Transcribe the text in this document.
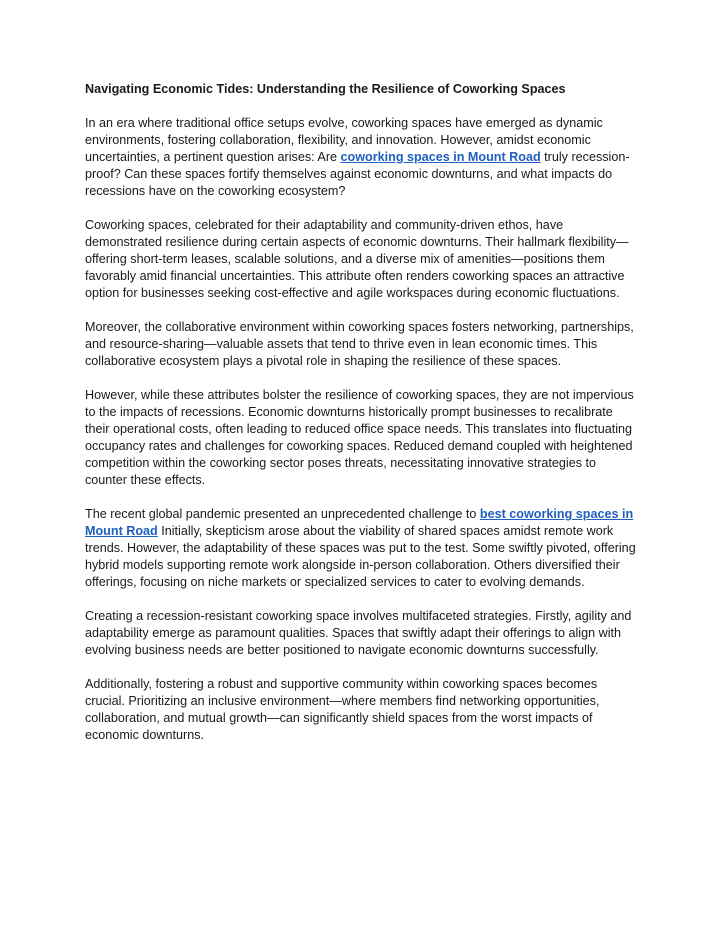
Navigating Economic Tides: Understanding the Resilience of Coworking Spaces

In an era where traditional office setups evolve, coworking spaces have emerged as dynamic environments, fostering collaboration, flexibility, and innovation. However, amidst economic uncertainties, a pertinent question arises: Are coworking spaces in Mount Road truly recession-proof? Can these spaces fortify themselves against economic downturns, and what impacts do recessions have on the coworking ecosystem?

Coworking spaces, celebrated for their adaptability and community-driven ethos, have demonstrated resilience during certain aspects of economic downturns. Their hallmark flexibility—offering short-term leases, scalable solutions, and a diverse mix of amenities—positions them favorably amid financial uncertainties. This attribute often renders coworking spaces an attractive option for businesses seeking cost-effective and agile workspaces during economic fluctuations.

Moreover, the collaborative environment within coworking spaces fosters networking, partnerships, and resource-sharing—valuable assets that tend to thrive even in lean economic times. This collaborative ecosystem plays a pivotal role in shaping the resilience of these spaces.

However, while these attributes bolster the resilience of coworking spaces, they are not impervious to the impacts of recessions. Economic downturns historically prompt businesses to recalibrate their operational costs, often leading to reduced office space needs. This translates into fluctuating occupancy rates and challenges for coworking spaces. Reduced demand coupled with heightened competition within the coworking sector poses threats, necessitating innovative strategies to counter these effects.

The recent global pandemic presented an unprecedented challenge to best coworking spaces in Mount Road Initially, skepticism arose about the viability of shared spaces amidst remote work trends. However, the adaptability of these spaces was put to the test. Some swiftly pivoted, offering hybrid models supporting remote work alongside in-person collaboration. Others diversified their offerings, focusing on niche markets or specialized services to cater to evolving demands.

Creating a recession-resistant coworking space involves multifaceted strategies. Firstly, agility and adaptability emerge as paramount qualities. Spaces that swiftly adapt their offerings to align with evolving business needs are better positioned to navigate economic downturns successfully.

Additionally, fostering a robust and supportive community within coworking spaces becomes crucial. Prioritizing an inclusive environment—where members find networking opportunities, collaboration, and mutual growth—can significantly shield spaces from the worst impacts of economic downturns.
